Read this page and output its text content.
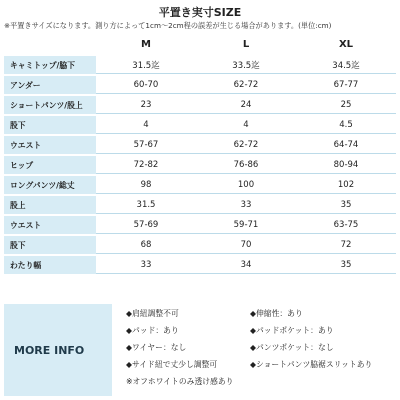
平置き実寸SIZE
※平置きサイズになります。測り方によって1cm～2cm程の誤差が生じる場合があります。(単位:cm)
	M	L	XL
キャミトップ/脇下	31.5迄	33.5迄	34.5迄
アンダー	60-70	62-72	67-77
ショートパンツ/股上	23	24	25
股下	4	4	4.5
ウエスト	57-67	62-72	64-74
ヒップ	72-82	76-86	80-94
ロングパンツ/総丈	98	100	102
股上	31.5	33	35
ウエスト	57-69	59-71	63-75
股下	68	70	72
わたり幅	33	34	35
MORE INFO
◆肩紐調整不可
◆パッド：あり
◆ワイヤー：なし
◆サイド紐で丈少し調整可
※オフホワイトのみ透け感あり
◆伸縮性：あり
◆パッドポケット：あり
◆パンツポケット：なし
◆ショートパンツ脇裾スリットあり
